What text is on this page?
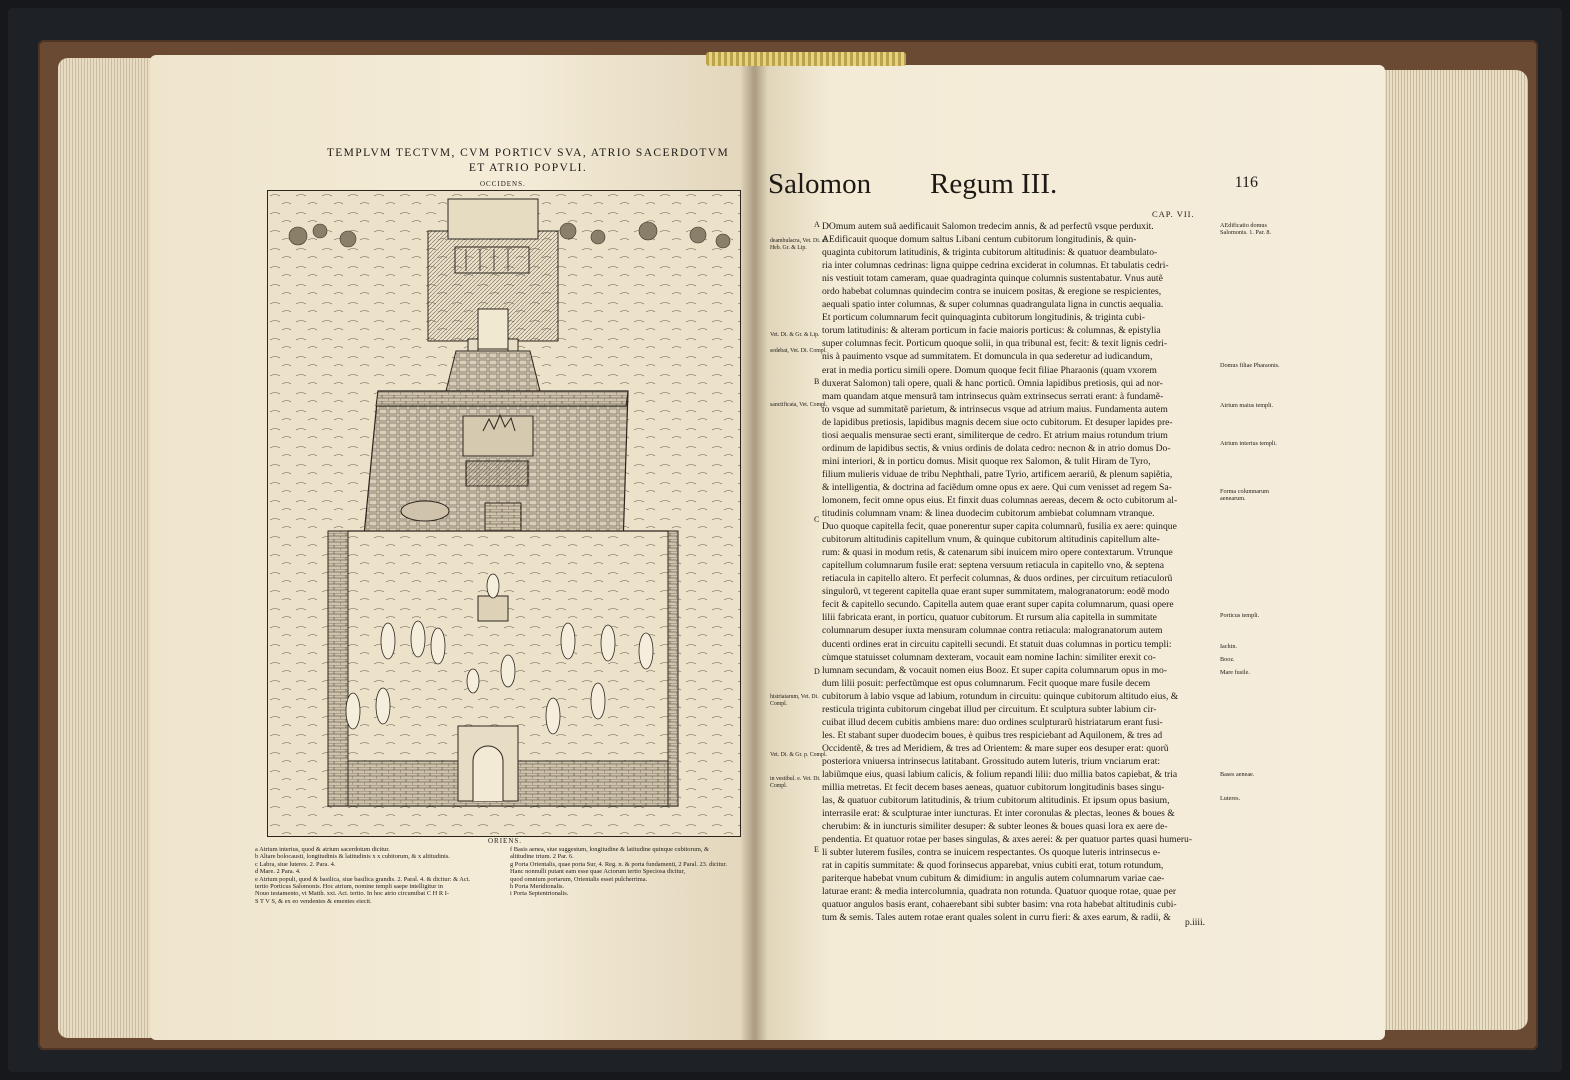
TEMPLVM TECTVM, CVM PORTICV SVA, ATRIO SACERDOTVM
ET ATRIO POPVLI.
OCCIDENS.
ORIENS.
a Atrium interius, quod & atrium sacerdotum dicitur.
b Altare holocausti, longitudinis & latitudinis x x cubitorum, & x altitudinis.
c Labra, siue luteres. 2. Para. 4.
d Mare. 2 Para. 4.
e Atrium populi, quod & basilica, siue basilica grandis. 2. Paral. 4. & dicitur: & Act.
tertio Porticus Salomonis. Hoc atrium, nomine templi saepe intelligitur in
Nouo testamento, vt Matth. xxi. Act. tertio. In hoc atrio circumibat C H R I-
S T V S, & ex eo vendentes & ementes eiecit.
f Basis aenea, siue suggestum, longitudine & latitudine quinque cubitorum, &
altitudine trium. 2 Par. 6.
g Porta Orientalis, quae porta Sur, 4. Reg. n. & porta fundamenti, 2 Paral. 23. dicitur.
Hanc nonnulli putant eam esse quae Actorum tertio Speciosa dicitur,
quod omnium portarum, Orientalis esset pulcherrima.
h Porta Meridionalis.
i Porta Septentrionalis.
Salomon Regum III.	116
CAP. VII.
A
B
C
D
E
deambulacra, Vet. Di. al. Heb. Gr. & Lip.
Vet. Di. & Gr. & Lip.
sedebat, Vet. Di. Compl.
sanctificata, Vet. Compl.
histriatarum, Vet. Di. Compl.
Vet. Di. & Gr. p. Compl.
in vestibul. e. Vet. Di. Compl.
AEdificatio domus Salomonis. 1. Par. 8.
Domus filiae Pharaonis.
Atrium maius templi.
Atrium interius templi.
Forma columnarum aenearum.
Porticus templi.
Iachin.
Booz.
Mare fusile.
Bases aeneae.
Luteres.
DOmum autem suã aedificauit Salomon tredecim annis, & ad perfectũ vsque perduxit.
AEdificauit quoque domum saltus Libani centum cubitorum longitudinis, & quin-
quaginta cubitorum latitudinis, & triginta cubitorum altitudinis: & quatuor deambulato-
ria inter columnas cedrinas: ligna quippe cedrina exciderat in columnas. Et tabulatis cedri-
nis vestiuit totam cameram, quae quadraginta quinque columnis sustentabatur. Vnus autẽ
ordo habebat columnas quindecim contra se inuicem positas, & eregione se respicientes,
aequali spatio inter columnas, & super columnas quadrangulata ligna in cunctis aequalia.
Et porticum columnarum fecit quinquaginta cubitorum longitudinis, & triginta cubi-
torum latitudinis: & alteram porticum in facie maioris porticus: & columnas, & epistylia
super columnas fecit. Porticum quoque solii, in qua tribunal est, fecit: & texit lignis cedri-
nis à pauimento vsque ad summitatem. Et domuncula in qua sederetur ad iudicandum,
erat in media porticu simili opere. Domum quoque fecit filiae Pharaonis (quam vxorem
duxerat Salomon) tali opere, quali & hanc porticũ. Omnia lapidibus pretiosis, qui ad nor-
mam quandam atque mensurã tam intrinsecus quàm extrinsecus serrati erant: à fundamẽ-
to vsque ad summitatẽ parietum, & intrinsecus vsque ad atrium maius. Fundamenta autem
de lapidibus pretiosis, lapidibus magnis decem siue octo cubitorum. Et desuper lapides pre-
tiosi aequalis mensurae secti erant, similiterque de cedro. Et atrium maius rotundum trium
ordinum de lapidibus sectis, & vnius ordinis de dolata cedro: necnon & in atrio domus Do-
mini interiori, & in porticu domus. Misit quoque rex Salomon, & tulit Hiram de Tyro,
filium mulieris viduae de tribu Nephthali, patre Tyrio, artificem aerariũ, & plenum sapiẽtia,
& intelligentia, & doctrina ad faciẽdum omne opus ex aere. Qui cum venisset ad regem Sa-
lomonem, fecit omne opus eius. Et finxit duas columnas aereas, decem & octo cubitorum al-
titudinis columnam vnam: & linea duodecim cubitorum ambiebat columnam vtranque.
Duo quoque capitella fecit, quae ponerentur super capita columnarũ, fusilia ex aere: quinque
cubitorum altitudinis capitellum vnum, & quinque cubitorum altitudinis capitellum alte-
rum: & quasi in modum retis, & catenarum sibi inuicem miro opere contextarum. Vtrunque
capitellum columnarum fusile erat: septena versuum retiacula in capitello vno, & septena
retiacula in capitello altero. Et perfecit columnas, & duos ordines, per circuitum retiaculorũ
singulorũ, vt tegerent capitella quae erant super summitatem, malogranatorum: eodẽ modo
fecit & capitello secundo. Capitella autem quae erant super capita columnarum, quasi opere
lilii fabricata erant, in porticu, quatuor cubitorum. Et rursum alia capitella in summitate
columnarum desuper iuxta mensuram columnae contra retiacula: malogranatorum autem
ducenti ordines erat in circuitu capitelli secundi. Et statuit duas columnas in porticu templi:
cùmque statuisset columnam dexteram, vocauit eam nomine Iachin: similiter erexit co-
lumnam secundam, & vocauit nomen eius Booz. Et super capita columnarum opus in mo-
dum lilii posuit: perfectũmque est opus columnarum. Fecit quoque mare fusile decem
cubitorum à labio vsque ad labium, rotundum in circuitu: quinque cubitorum altitudo eius, &
resticula triginta cubitorum cingebat illud per circuitum. Et sculptura subter labium cir-
cuibat illud decem cubitis ambiens mare: duo ordines sculpturarũ histriatarum erant fusi-
les. Et stabant super duodecim boues, è quibus tres respiciebant ad Aquilonem, & tres ad
Occidentẽ, & tres ad Meridiem, & tres ad Orientem: & mare super eos desuper erat: quorũ
posteriora vniuersa intrinsecus latitabant. Grossitudo autem luteris, trium vnciarum erat:
labiũmque eius, quasi labium calicis, & folium repandi lilii: duo millia batos capiebat, & tria
millia metretas. Et fecit decem bases aeneas, quatuor cubitorum longitudinis bases singu-
las, & quatuor cubitorum latitudinis, & trium cubitorum altitudinis. Et ipsum opus basium,
interrasile erat: & sculpturae inter iuncturas. Et inter coronulas & plectas, leones & boues &
cherubim: & in iuncturis similiter desuper: & subter leones & boues quasi lora ex aere de-
pendentia. Et quatuor rotae per bases singulas, & axes aerei: & per quatuor partes quasi humeru-
li subter luterem fusiles, contra se inuicem respectantes. Os quoque luteris intrinsecus e-
rat in capitis summitate: & quod forinsecus apparebat, vnius cubiti erat, totum rotundum,
pariterque habebat vnum cubitum & dimidium: in angulis autem columnarum variae cae-
laturae erant: & media intercolumnia, quadrata non rotunda. Quatuor quoque rotae, quae per
quatuor angulos basis erant, cohaerebant sibi subter basim: vna rota habebat altitudinis cubi-
tum & semis. Tales autem rotae erant quales solent in curru fieri: & axes earum, & radii, &	p.iiii.
